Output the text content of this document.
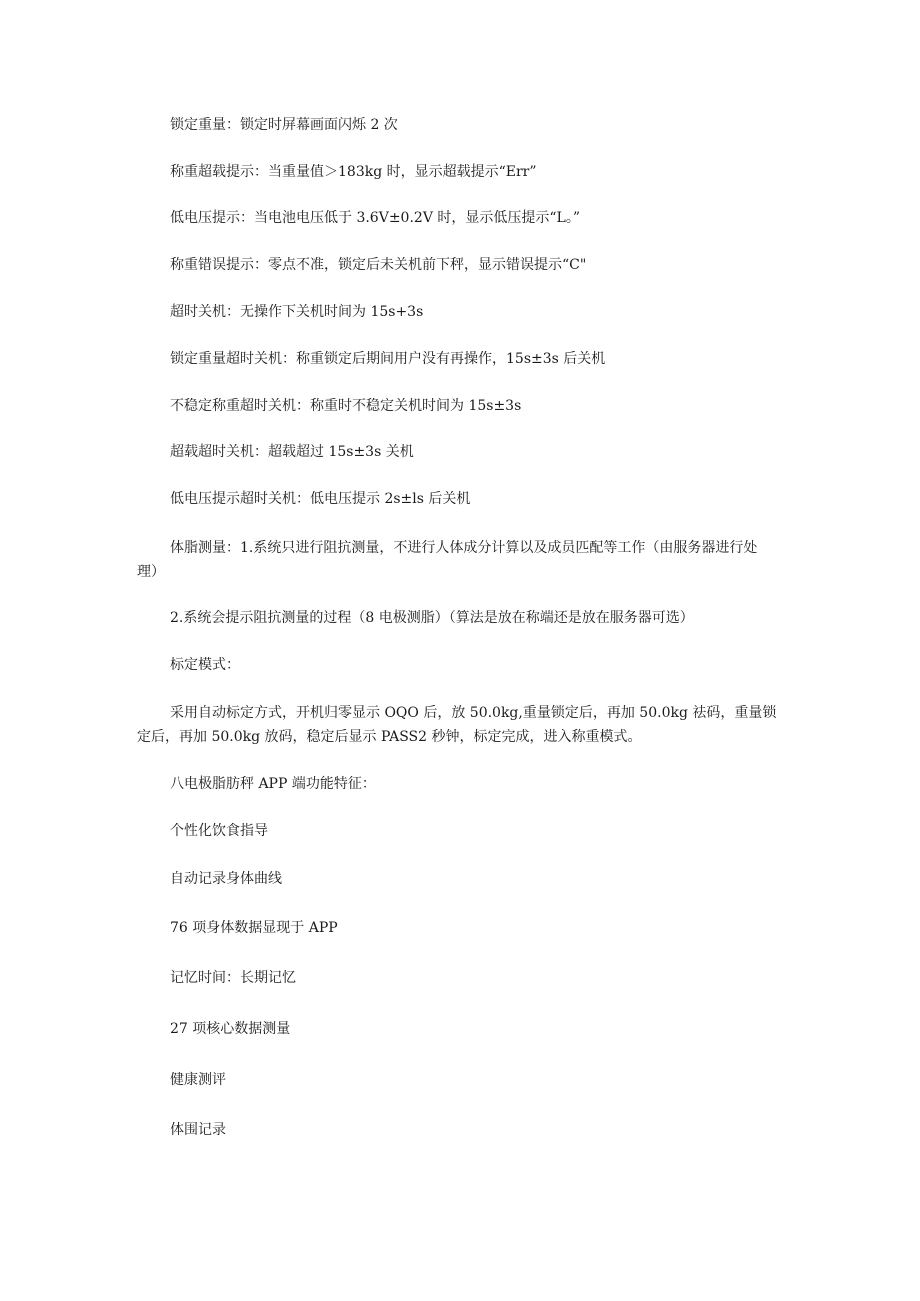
锁定重量：锁定时屏幕画面闪烁 2 次

称重超载提示：当重量值＞183kg 时，显示超载提示“Err”

低电压提示：当电池电压低于 3.6V±0.2V 时，显示低压提示“L。”

称重错误提示：零点不准，锁定后未关机前下秤，显示错误提示“C"

超时关机：无操作下关机时间为 15s+3s

锁定重量超时关机：称重锁定后期间用户没有再操作，15s±3s 后关机

不稳定称重超时关机：称重时不稳定关机时间为 15s±3s

超载超时关机：超载超过 15s±3s 关机

低电压提示超时关机：低电压提示 2s±ls 后关机

体脂测量：1.系统只进行阻抗测量，不进行人体成分计算以及成员匹配等工作（由服务器进行处理）

2.系统会提示阻抗测量的过程（8 电极测脂）（算法是放在称端还是放在服务器可选）

标定模式：

采用自动标定方式，开机归零显示 OQO 后，放 50.0kg,重量锁定后，再加 50.0kg 祛码，重量锁定后，再加 50.0kg 放码，稳定后显示 PASS2 秒钟，标定完成，进入称重模式。

八电极脂肪秤 APP 端功能特征：

个性化饮食指导

自动记录身体曲线

76 项身体数据显现于 APP

记忆时间：长期记忆

27 项核心数据测量

健康测评

体围记录
